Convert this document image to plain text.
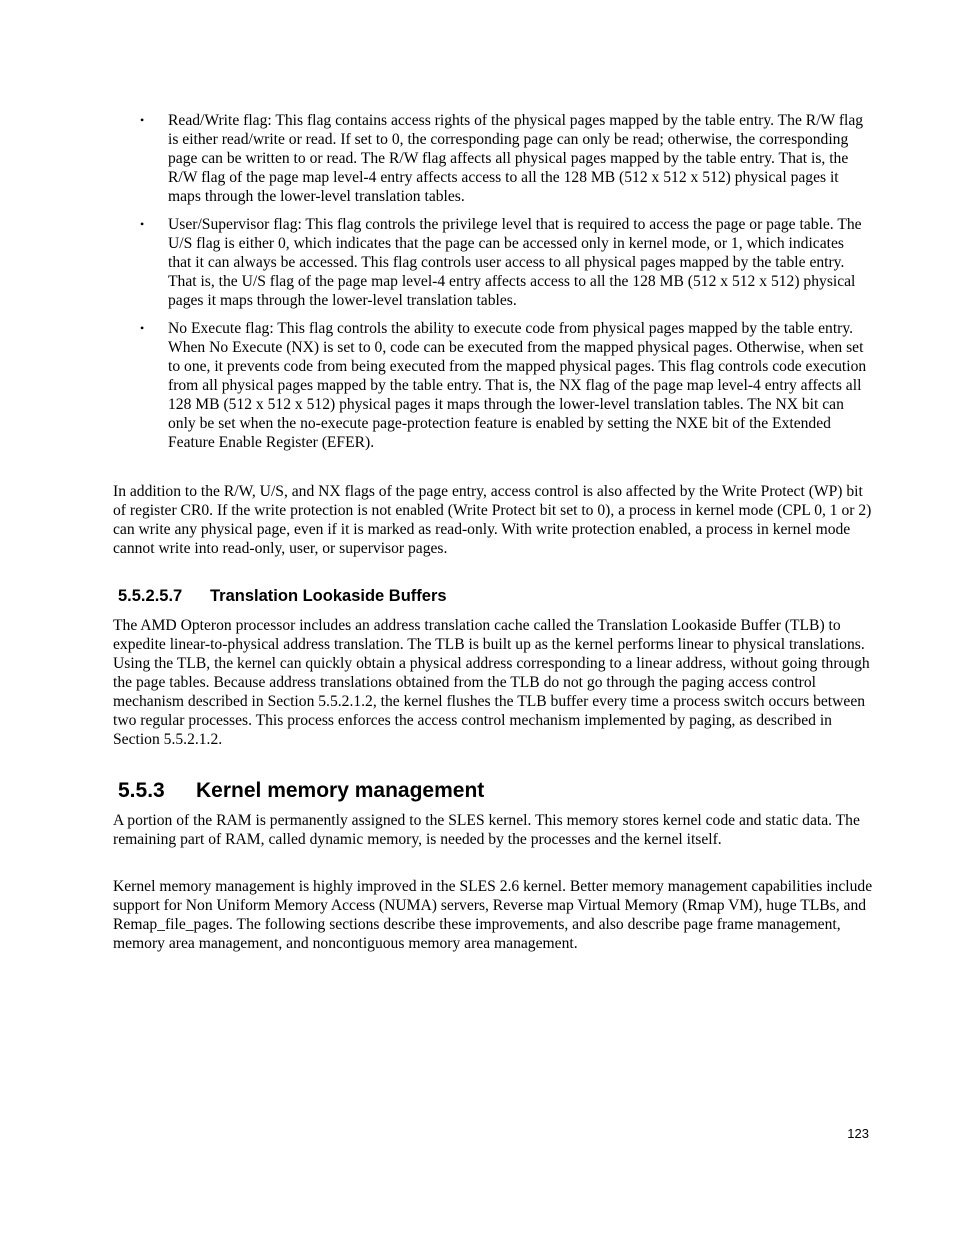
• Read/Write flag: This flag contains access rights of the physical pages mapped by the table entry. The R/W flag is either read/write or read. If set to 0, the corresponding page can only be read; otherwise, the corresponding page can be written to or read. The R/W flag affects all physical pages mapped by the table entry. That is, the R/W flag of the page map level-4 entry affects access to all the 128 MB (512 x 512 x 512) physical pages it maps through the lower-level translation tables.
• User/Supervisor flag: This flag controls the privilege level that is required to access the page or page table. The U/S flag is either 0, which indicates that the page can be accessed only in kernel mode, or 1, which indicates that it can always be accessed. This flag controls user access to all physical pages mapped by the table entry. That is, the U/S flag of the page map level-4 entry affects access to all the 128 MB (512 x 512 x 512) physical pages it maps through the lower-level translation tables.
• No Execute flag: This flag controls the ability to execute code from physical pages mapped by the table entry. When No Execute (NX) is set to 0, code can be executed from the mapped physical pages. Otherwise, when set to one, it prevents code from being executed from the mapped physical pages. This flag controls code execution from all physical pages mapped by the table entry. That is, the NX flag of the page map level-4 entry affects all 128 MB (512 x 512 x 512) physical pages it maps through the lower-level translation tables. The NX bit can only be set when the no-execute page-protection feature is enabled by setting the NXE bit of the Extended Feature Enable Register (EFER).

In addition to the R/W, U/S, and NX flags of the page entry, access control is also affected by the Write Protect (WP) bit of register CR0. If the write protection is not enabled (Write Protect bit set to 0), a process in kernel mode (CPL 0, 1 or 2) can write any physical page, even if it is marked as read-only. With write protection enabled, a process in kernel mode cannot write into read-only, user, or supervisor pages.

5.5.2.5.7 Translation Lookaside Buffers

The AMD Opteron processor includes an address translation cache called the Translation Lookaside Buffer (TLB) to expedite linear-to-physical address translation. The TLB is built up as the kernel performs linear to physical translations. Using the TLB, the kernel can quickly obtain a physical address corresponding to a linear address, without going through the page tables. Because address translations obtained from the TLB do not go through the paging access control mechanism described in Section 5.5.2.1.2, the kernel flushes the TLB buffer every time a process switch occurs between two regular processes. This process enforces the access control mechanism implemented by paging, as described in Section 5.5.2.1.2.

5.5.3 Kernel memory management

A portion of the RAM is permanently assigned to the SLES kernel. This memory stores kernel code and static data. The remaining part of RAM, called dynamic memory, is needed by the processes and the kernel itself.

Kernel memory management is highly improved in the SLES 2.6 kernel. Better memory management capabilities include support for Non Uniform Memory Access (NUMA) servers, Reverse map Virtual Memory (Rmap VM), huge TLBs, and Remap_file_pages. The following sections describe these improvements, and also describe page frame management, memory area management, and noncontiguous memory area management.

123
